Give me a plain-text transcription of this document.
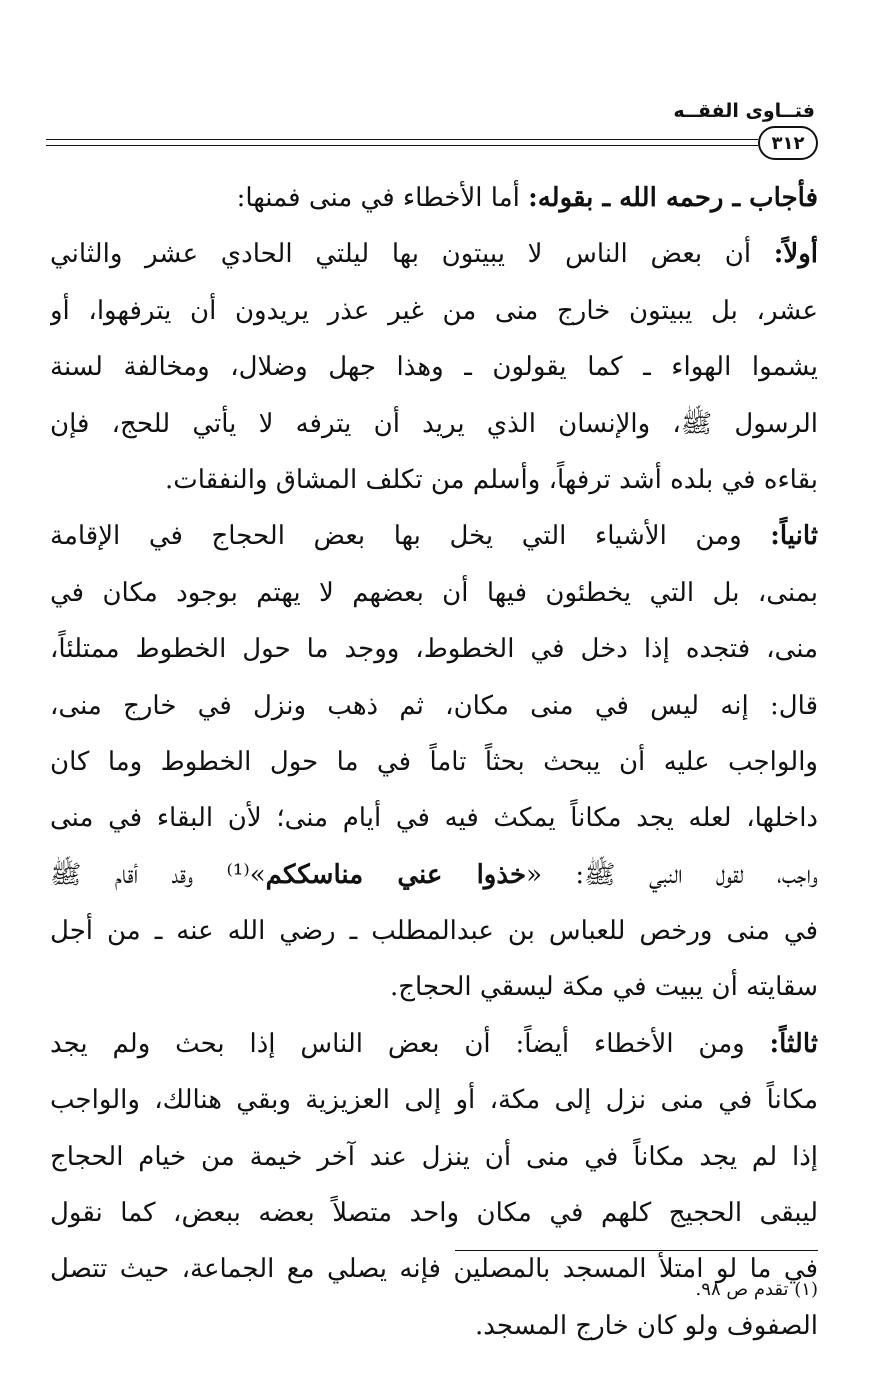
فتــاوى الفقــه
٣١٢
فأجاب ـ رحمه الله ـ بقوله: أما الأخطاء في منى فمنها:
أولاً: أن بعض الناس لا يبيتون بها ليلتي الحادي عشر والثاني
عشر، بل يبيتون خارج منى من غير عذر يريدون أن يترفهوا، أو
يشموا الهواء ـ كما يقولون ـ وهذا جهل وضلال، ومخالفة لسنة
الرسول ﷺ، والإنسان الذي يريد أن يترفه لا يأتي للحج، فإن
بقاءه في بلده أشد ترفهاً، وأسلم من تكلف المشاق والنفقات.
ثانياً: ومن الأشياء التي يخل بها بعض الحجاج في الإقامة
بمنى، بل التي يخطئون فيها أن بعضهم لا يهتم بوجود مكان في
منى، فتجده إذا دخل في الخطوط، ووجد ما حول الخطوط ممتلئاً،
قال: إنه ليس في منى مكان، ثم ذهب ونزل في خارج منى،
والواجب عليه أن يبحث بحثاً تاماً في ما حول الخطوط وما كان
داخلها، لعله يجد مكاناً يمكث فيه في أيام منى؛ لأن البقاء في منى
واجب، لقول النبي ﷺ: «خذوا عني مناسككم»⁽¹⁾ وقد أقام ﷺ
في منى ورخص للعباس بن عبدالمطلب ـ رضي الله عنه ـ من أجل
سقايته أن يبيت في مكة ليسقي الحجاج.
ثالثاً: ومن الأخطاء أيضاً: أن بعض الناس إذا بحث ولم يجد
مكاناً في منى نزل إلى مكة، أو إلى العزيزية وبقي هنالك، والواجب
إذا لم يجد مكاناً في منى أن ينزل عند آخر خيمة من خيام الحجاج
ليبقى الحجيج كلهم في مكان واحد متصلاً بعضه ببعض، كما نقول
في ما لو امتلأ المسجد بالمصلين فإنه يصلي مع الجماعة، حيث تتصل
الصفوف ولو كان خارج المسجد.
(١) تقدم ص ٩٨.
